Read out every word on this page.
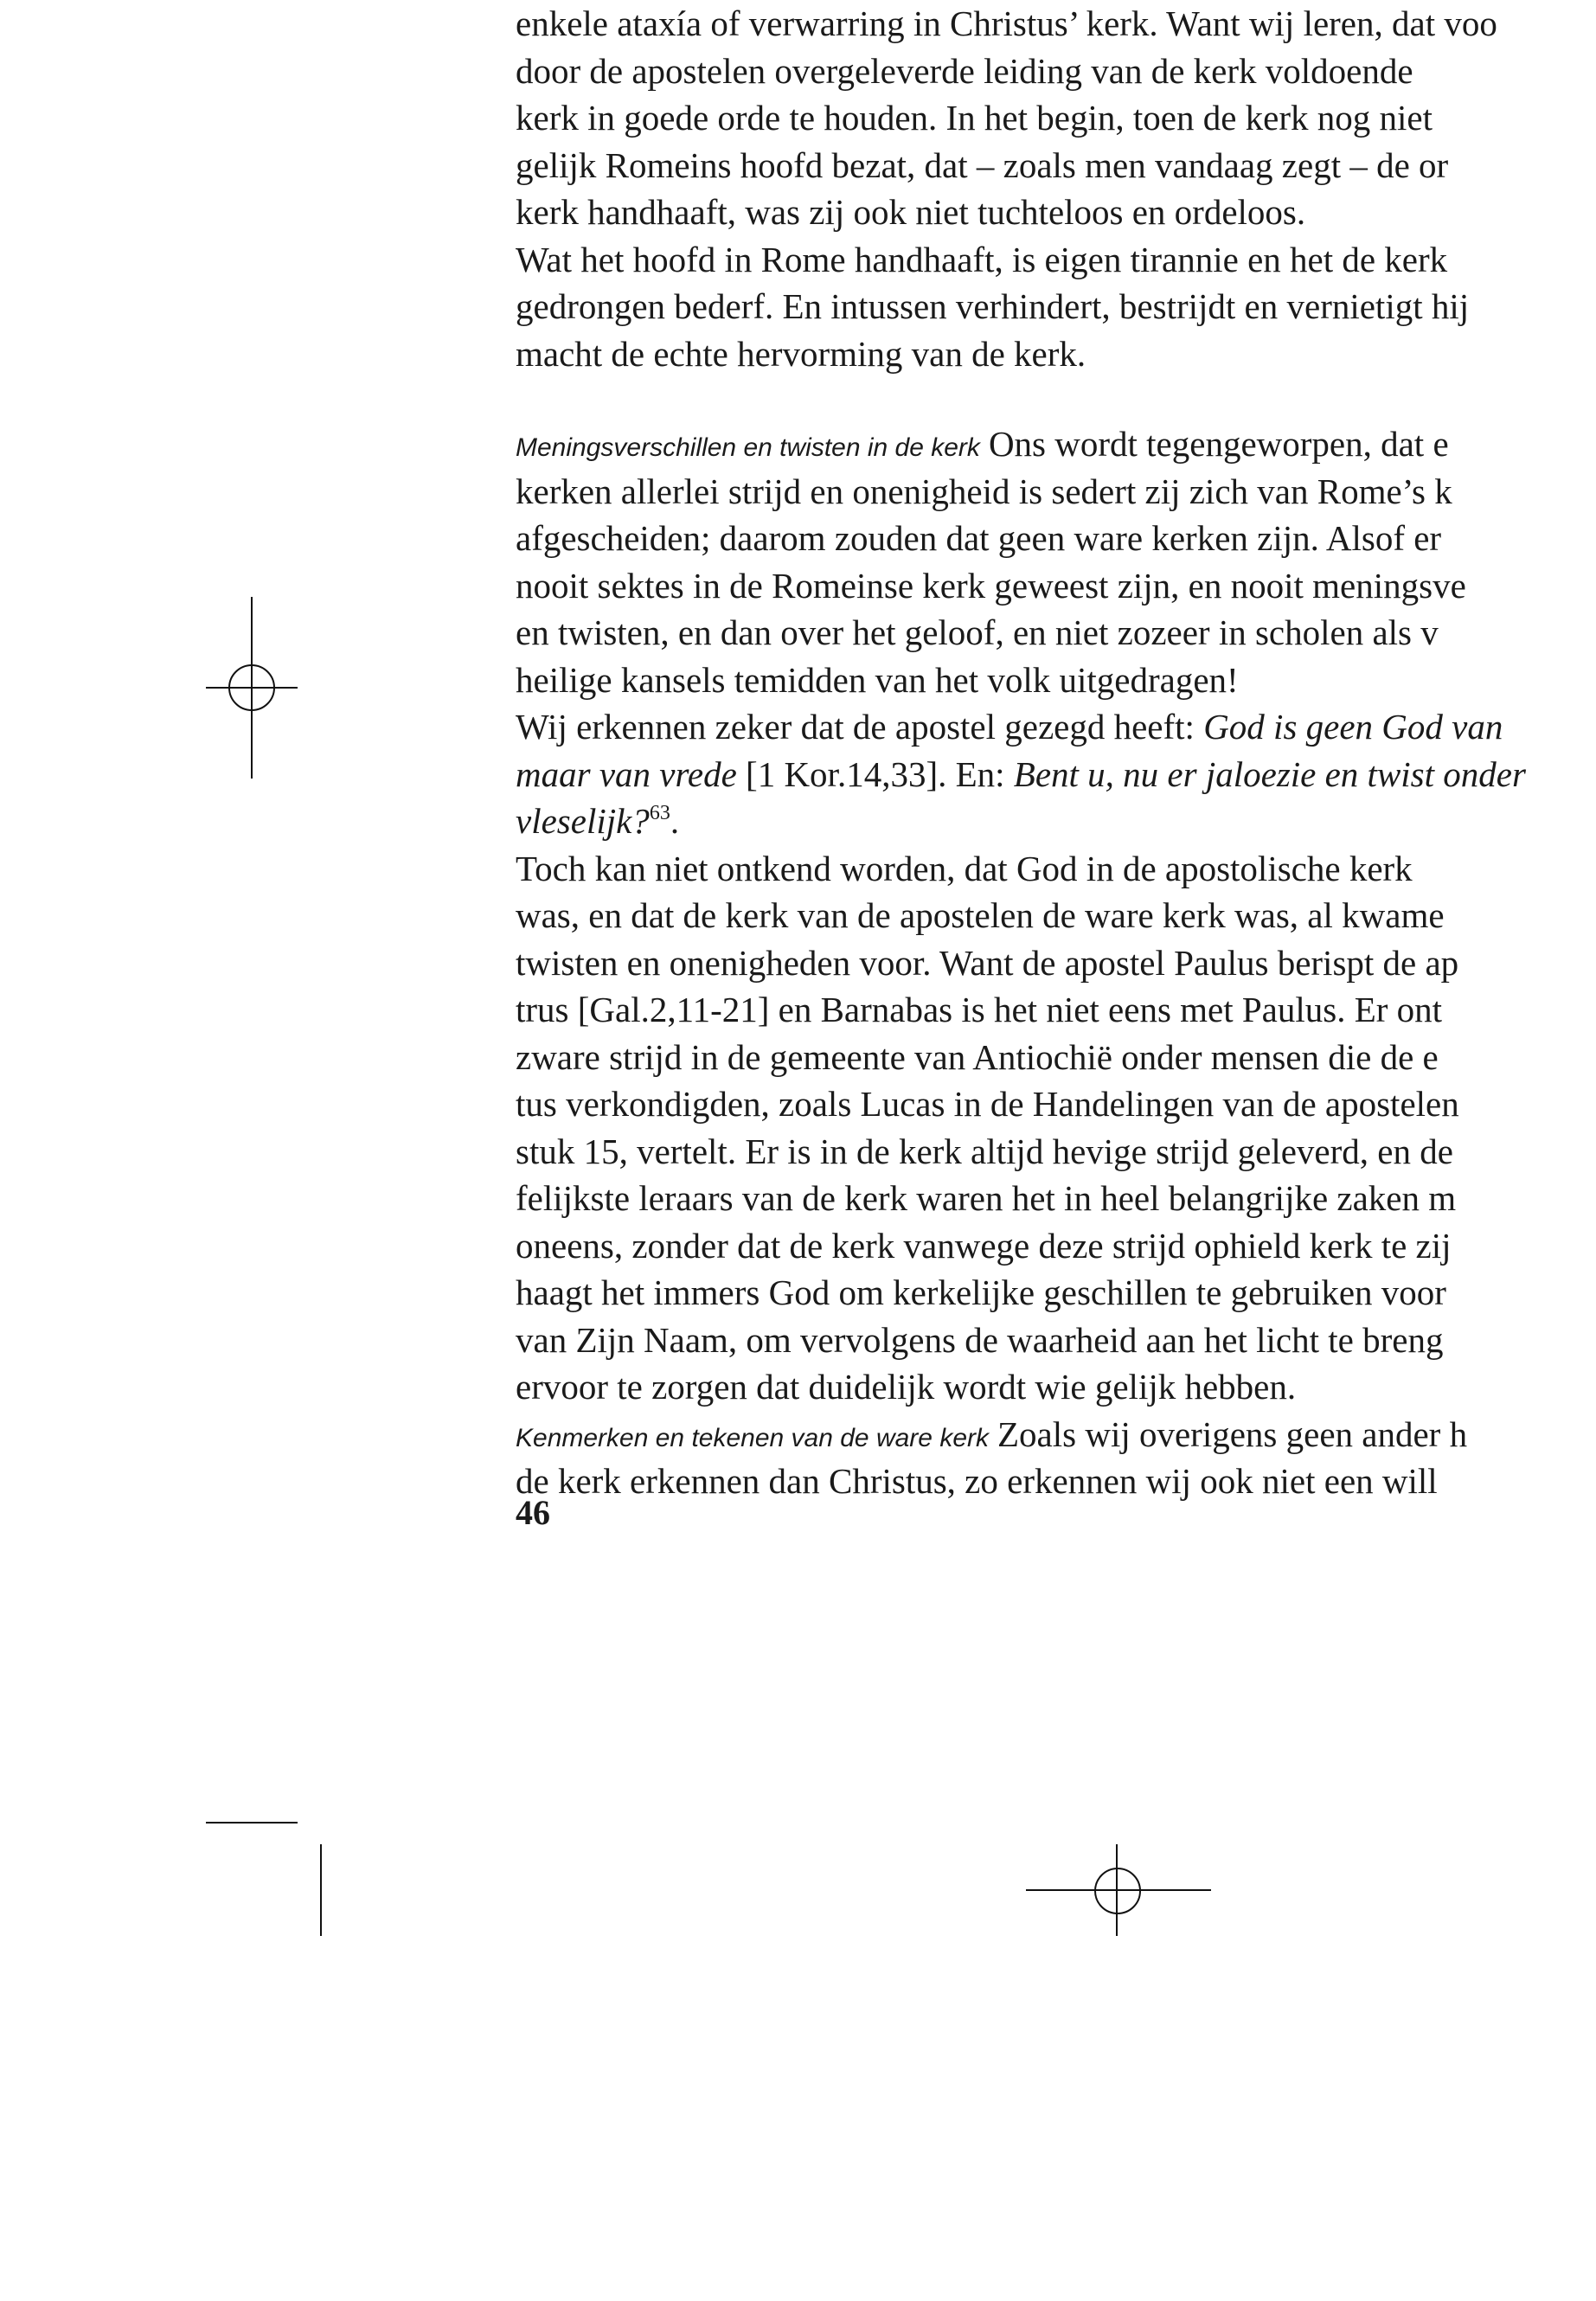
enkele ataxía of verwarring in Christus’ kerk. Want wij leren, dat voo
door de apostelen overgeleverde leiding van de kerk voldoende
kerk in goede orde te houden. In het begin, toen de kerk nog niet
gelijk Romeins hoofd bezat, dat – zoals men vandaag zegt – de or
kerk handhaaft, was zij ook niet tuchteloos en ordeloos.
Wat het hoofd in Rome handhaaft, is eigen tirannie en het de kerk
gedrongen bederf. En intussen verhindert, bestrijdt en vernietigt hij
macht de echte hervorming van de kerk.
Meningsverschillen en twisten in de kerk Ons wordt tegengeworpen, dat e
kerken allerlei strijd en onenigheid is sedert zij zich van Rome’s k
afgescheiden; daarom zouden dat geen ware kerken zijn. Alsof er
nooit sektes in de Romeinse kerk geweest zijn, en nooit meningsve
en twisten, en dan over het geloof, en niet zozeer in scholen als v
heilige kansels temidden van het volk uitgedragen!
Wij erkennen zeker dat de apostel gezegd heeft: God is geen God van
maar van vrede [1 Kor.14,33]. En: Bent u, nu er jaloezie en twist onder
vleselijk?$^{63}$.
Toch kan niet ontkend worden, dat God in de apostolische kerk
was, en dat de kerk van de apostelen de ware kerk was, al kwame
twisten en onenigheden voor. Want de apostel Paulus berispt de ap
trus [Gal.2,11-21] en Barnabas is het niet eens met Paulus. Er ont
zware strijd in de gemeente van Antiochië onder mensen die de e
tus verkondigden, zoals Lucas in de Handelingen van de apostelen
stuk 15, vertelt. Er is in de kerk altijd hevige strijd geleverd, en de
felijkste leraars van de kerk waren het in heel belangrijke zaken m
oneens, zonder dat de kerk vanwege deze strijd ophield kerk te zij
haagt het immers God om kerkelijke geschillen te gebruiken voor
van Zijn Naam, om vervolgens de waarheid aan het licht te breng
ervoor te zorgen dat duidelijk wordt wie gelijk hebben.
Kenmerken en tekenen van de ware kerk Zoals wij overigens geen ander h
de kerk erkennen dan Christus, zo erkennen wij ook niet een will
46
